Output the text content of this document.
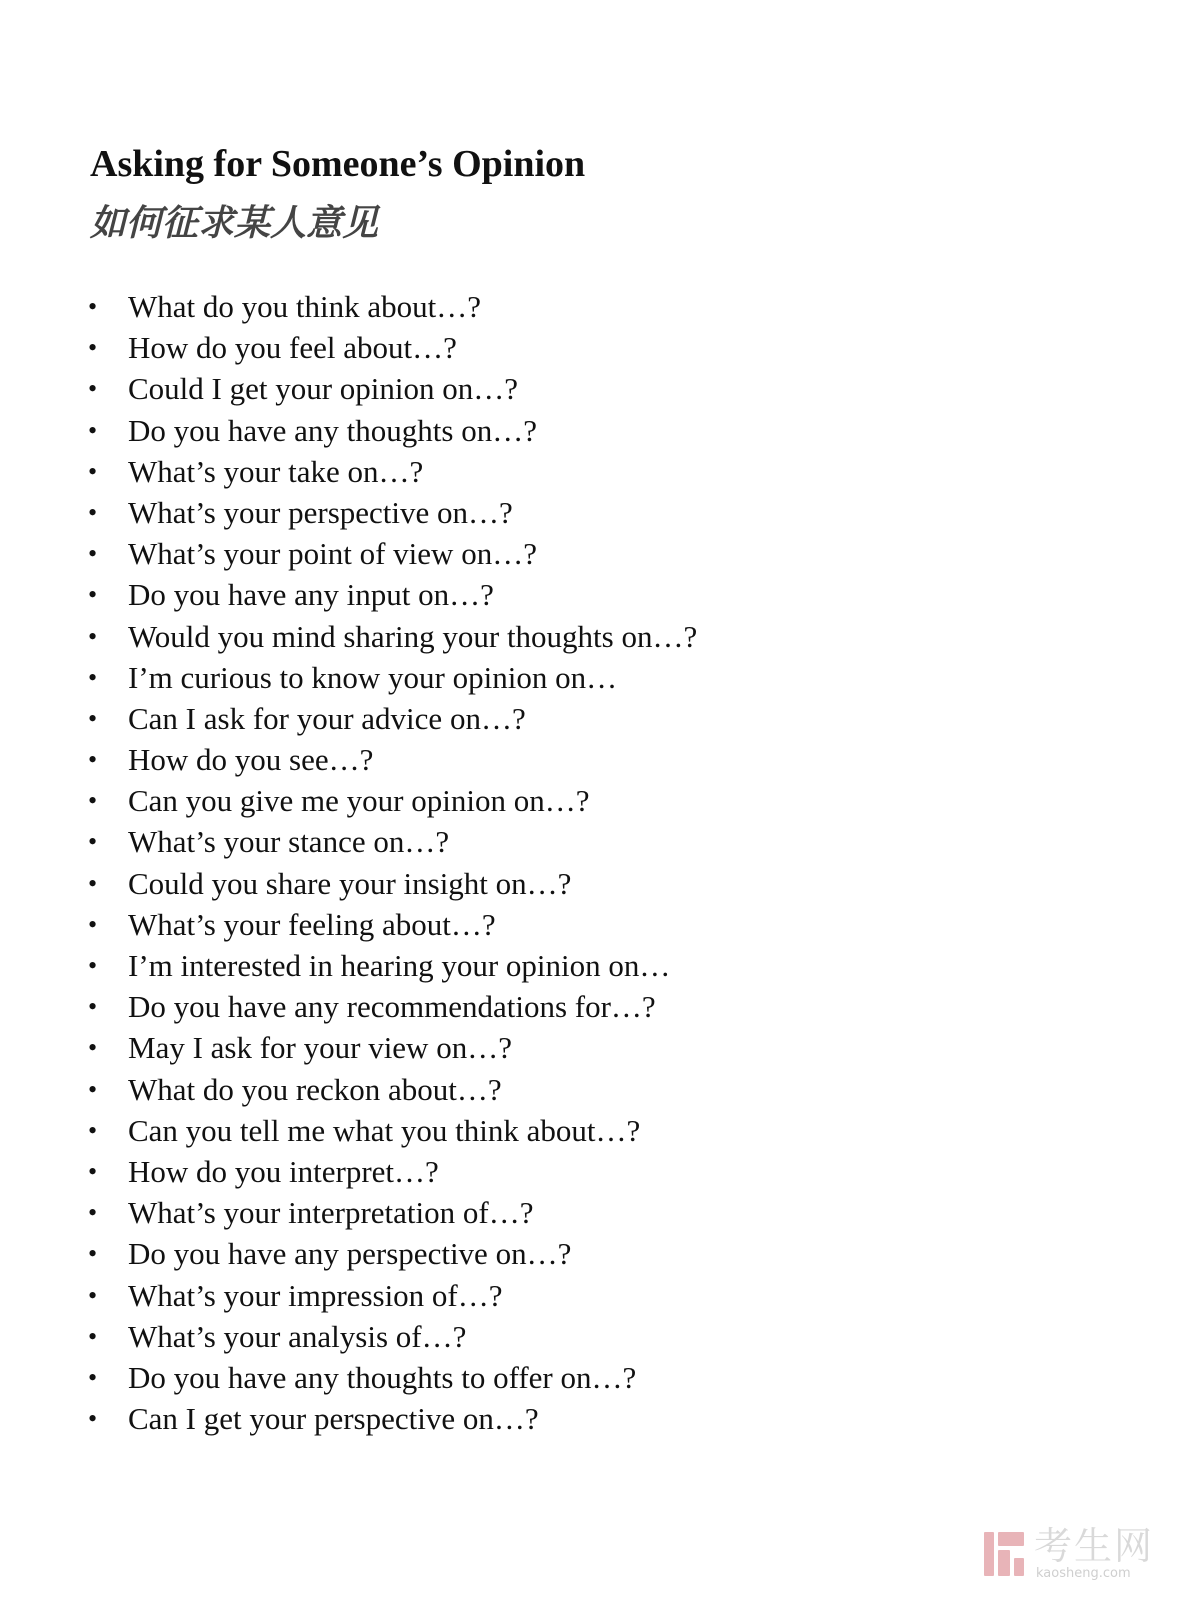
Asking for Someone’s Opinion
如何征求某人意见
• What do you think about…?
• How do you feel about…?
• Could I get your opinion on…?
• Do you have any thoughts on…?
• What’s your take on…?
• What’s your perspective on…?
• What’s your point of view on…?
• Do you have any input on…?
• Would you mind sharing your thoughts on…?
• I’m curious to know your opinion on…
• Can I ask for your advice on…?
• How do you see…?
• Can you give me your opinion on…?
• What’s your stance on…?
• Could you share your insight on…?
• What’s your feeling about…?
• I’m interested in hearing your opinion on…
• Do you have any recommendations for…?
• May I ask for your view on…?
• What do you reckon about…?
• Can you tell me what you think about…?
• How do you interpret…?
• What’s your interpretation of…?
• Do you have any perspective on…?
• What’s your impression of…?
• What’s your analysis of…?
• Do you have any thoughts to offer on…?
• Can I get your perspective on…?
考生网
kaosheng.com
